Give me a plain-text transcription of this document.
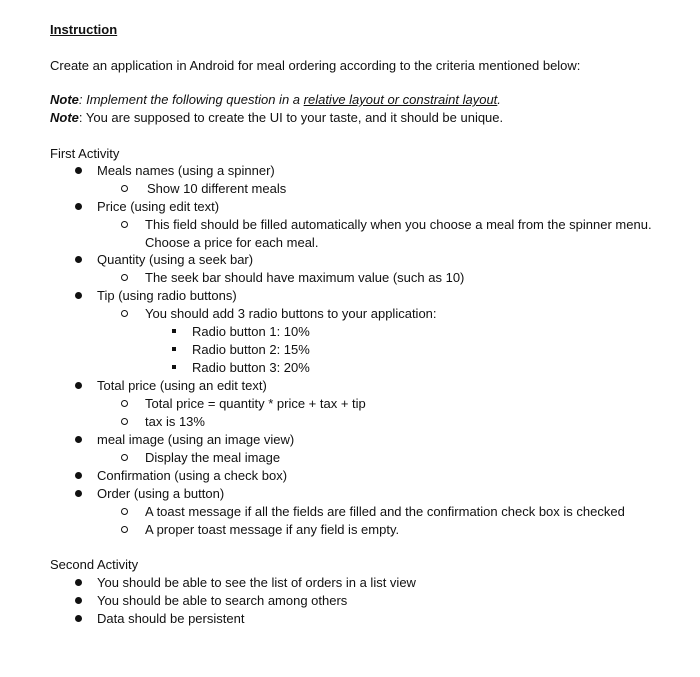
Instruction
Create an application in Android for meal ordering according to the criteria mentioned below:
Note: Implement the following question in a relative layout or constraint layout.
Note: You are supposed to create the UI to your taste, and it should be unique.
First Activity
Meals names (using a spinner)
Show 10 different meals
Price (using edit text)
This field should be filled automatically when you choose a meal from the spinner menu.
Choose a price for each meal.
Quantity (using a seek bar)
The seek bar should have maximum value (such as 10)
Tip (using radio buttons)
You should add 3 radio buttons to your application:
Radio button 1: 10%
Radio button 2: 15%
Radio button 3: 20%
Total price (using an edit text)
Total price = quantity * price + tax + tip
tax is 13%
meal image (using an image view)
Display the meal image
Confirmation (using a check box)
Order (using a button)
A toast message if all the fields are filled and the confirmation check box is checked
A proper toast message if any field is empty.
Second Activity
You should be able to see the list of orders in a list view
You should be able to search among others
Data should be persistent
